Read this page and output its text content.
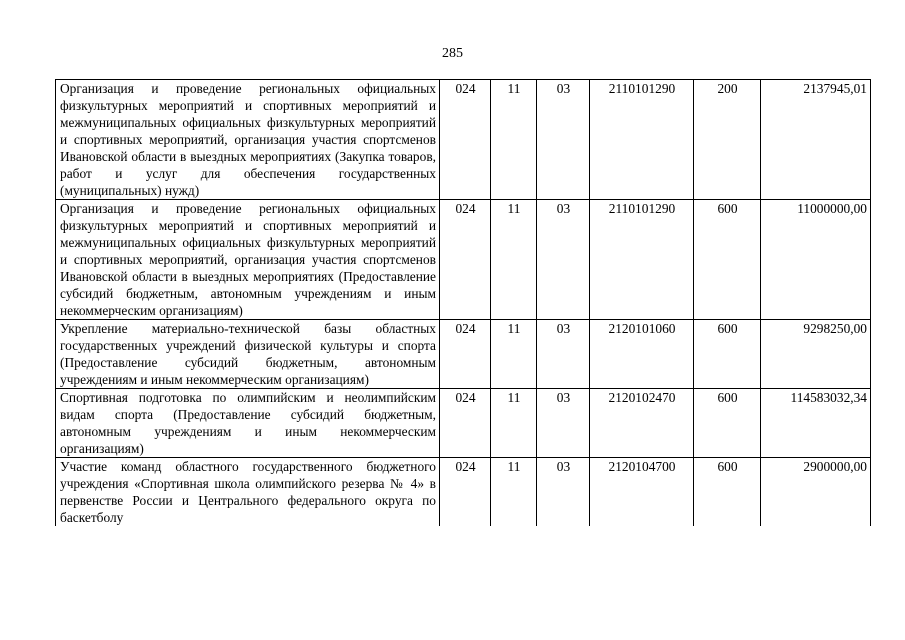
285
Организация и проведение региональных официальных физкультурных мероприятий и спортивных мероприятий и межмуниципальных официальных физкультурных мероприятий и спортивных мероприятий, организация участия спортсменов Ивановской области в выездных мероприятиях (Закупка товаров, работ и услуг для обеспечения государственных (муниципальных) нужд)	024	11	03	2110101290	200	2137945,01
Организация и проведение региональных официальных физкультурных мероприятий и спортивных мероприятий и межмуниципальных официальных физкультурных мероприятий и спортивных мероприятий, организация участия спортсменов Ивановской области в выездных мероприятиях (Предоставление субсидий бюджетным, автономным учреждениям и иным некоммерческим организациям)	024	11	03	2110101290	600	11000000,00
Укрепление материально-технической базы областных государственных учреждений физической культуры и спорта (Предоставление субсидий бюджетным, автономным учреждениям и иным некоммерческим организациям)	024	11	03	2120101060	600	9298250,00
Спортивная подготовка по олимпийским и неолимпийским видам спорта (Предоставление субсидий бюджетным, автономным учреждениям и иным некоммерческим организациям)	024	11	03	2120102470	600	114583032,34
Участие команд областного государственного бюджетного учреждения «Спортивная школа олимпийского резерва № 4» в первенстве России и Центрального федерального округа по баскетболу	024	11	03	2120104700	600	2900000,00
